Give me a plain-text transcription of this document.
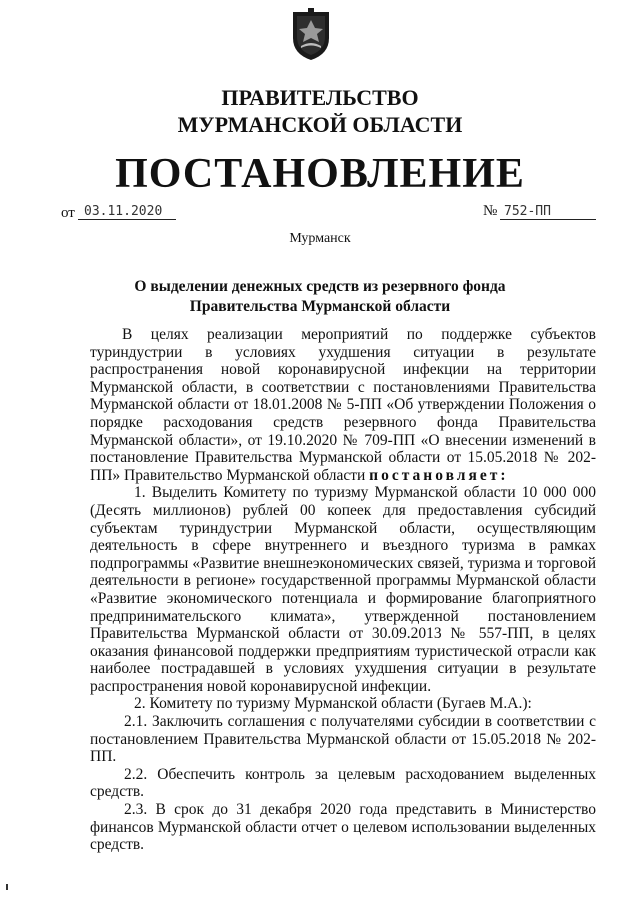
ПРАВИТЕЛЬСТВО
МУРМАНСКОЙ ОБЛАСТИ
ПОСТАНОВЛЕНИЕ
от 03.11.2020	№ 752-ПП
Мурманск
О выделении денежных средств из резервного фонда
Правительства Мурманской области

В целях реализации мероприятий по поддержке субъектов туриндустрии в условиях ухудшения ситуации в результате распространения новой коронавирусной инфекции на территории Мурманской области, в соответствии с постановлениями Правительства Мурманской области от 18.01.2008 № 5-ПП «Об утверждении Положения о порядке расходования средств резервного фонда Правительства Мурманской области», от 19.10.2020 № 709-ПП «О внесении изменений в постановление Правительства Мурманской области от 15.05.2018 № 202-ПП» Правительство Мурманской области постановляет:

1. Выделить Комитету по туризму Мурманской области 10 000 000 (Десять миллионов) рублей 00 копеек для предоставления субсидий субъектам туриндустрии Мурманской области, осуществляющим деятельность в сфере внутреннего и въездного туризма в рамках подпрограммы «Развитие внешнеэкономических связей, туризма и торговой деятельности в регионе» государственной программы Мурманской области «Развитие экономического потенциала и формирование благоприятного предпринимательского климата», утвержденной постановлением Правительства Мурманской области от 30.09.2013 № 557-ПП, в целях оказания финансовой поддержки предприятиям туристической отрасли как наиболее пострадавшей в условиях ухудшения ситуации в результате распространения новой коронавирусной инфекции.

2. Комитету по туризму Мурманской области (Бугаев М.А.):

2.1. Заключить соглашения с получателями субсидии в соответствии с постановлением Правительства Мурманской области от 15.05.2018 № 202-ПП.

2.2. Обеспечить контроль за целевым расходованием выделенных средств.

2.3. В срок до 31 декабря 2020 года представить в Министерство финансов Мурманской области отчет о целевом использовании выделенных средств.
